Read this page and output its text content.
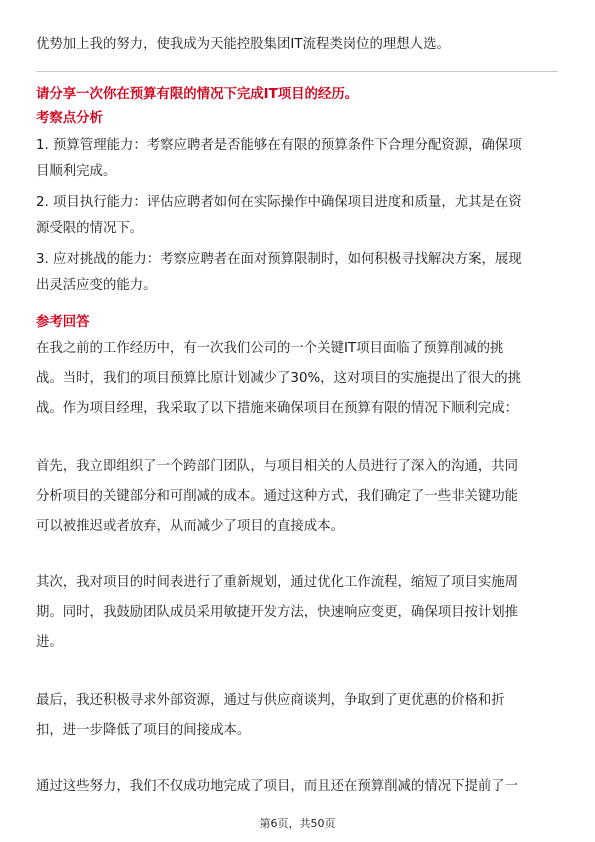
优势加上我的努力，使我成为天能控股集团IT流程类岗位的理想人选。
请分享一次你在预算有限的情况下完成IT项目的经历。
考察点分析
1. 预算管理能力：考察应聘者是否能够在有限的预算条件下合理分配资源，确保项
目顺利完成。
2. 项目执行能力：评估应聘者如何在实际操作中确保项目进度和质量，尤其是在资
源受限的情况下。
3. 应对挑战的能力：考察应聘者在面对预算限制时，如何积极寻找解决方案，展现
出灵活应变的能力。
参考回答
在我之前的工作经历中，有一次我们公司的一个关键IT项目面临了预算削减的挑
战。当时，我们的项目预算比原计划减少了30%，这对项目的实施提出了很大的挑
战。作为项目经理，我采取了以下措施来确保项目在预算有限的情况下顺利完成：
首先，我立即组织了一个跨部门团队，与项目相关的人员进行了深入的沟通，共同
分析项目的关键部分和可削减的成本。通过这种方式，我们确定了一些非关键功能
可以被推迟或者放弃，从而减少了项目的直接成本。
其次，我对项目的时间表进行了重新规划，通过优化工作流程，缩短了项目实施周
期。同时，我鼓励团队成员采用敏捷开发方法，快速响应变更，确保项目按计划推
进。
最后，我还积极寻求外部资源，通过与供应商谈判，争取到了更优惠的价格和折
扣，进一步降低了项目的间接成本。
通过这些努力，我们不仅成功地完成了项目，而且还在预算削减的情况下提前了一
第6页，共50页
